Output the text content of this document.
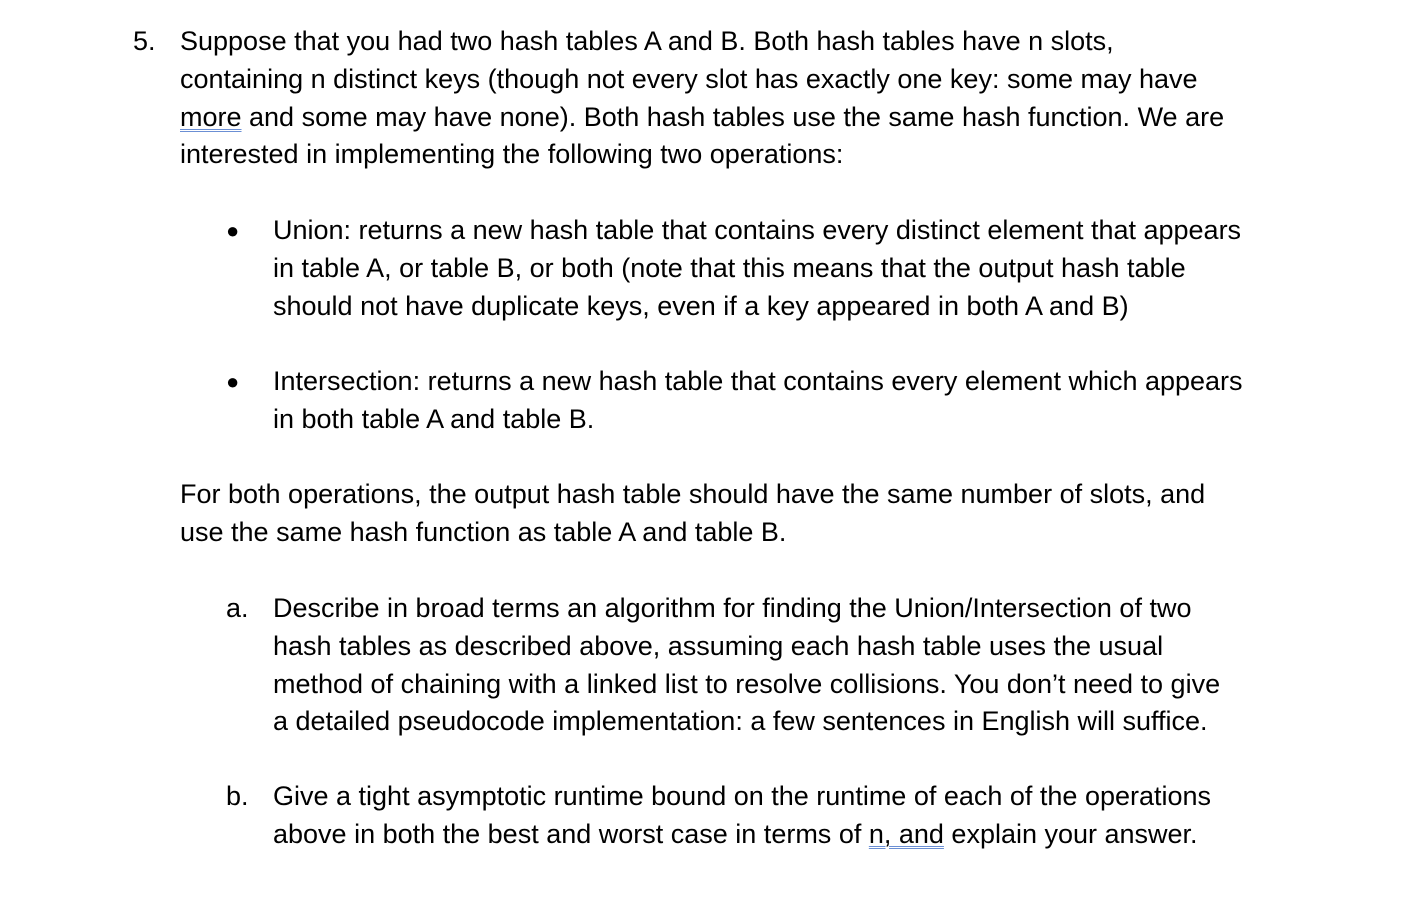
5. Suppose that you had two hash tables A and B. Both hash tables have n slots,
containing n distinct keys (though not every slot has exactly one key: some may have
more and some may have none). Both hash tables use the same hash function. We are
interested in implementing the following two operations:
● Union: returns a new hash table that contains every distinct element that appears
in table A, or table B, or both (note that this means that the output hash table
should not have duplicate keys, even if a key appeared in both A and B)
● Intersection: returns a new hash table that contains every element which appears
in both table A and table B.
For both operations, the output hash table should have the same number of slots, and
use the same hash function as table A and table B.
a. Describe in broad terms an algorithm for finding the Union/Intersection of two
hash tables as described above, assuming each hash table uses the usual
method of chaining with a linked list to resolve collisions. You don’t need to give
a detailed pseudocode implementation: a few sentences in English will suffice.
b. Give a tight asymptotic runtime bound on the runtime of each of the operations
above in both the best and worst case in terms of n, and explain your answer.
